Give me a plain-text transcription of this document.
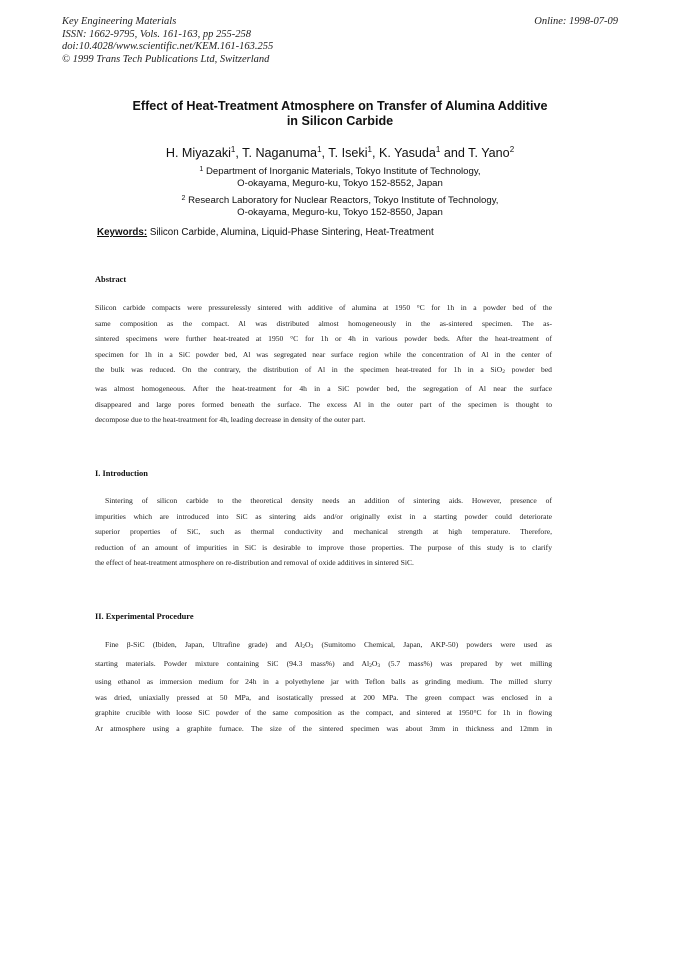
Key Engineering Materials
ISSN: 1662-9795, Vols. 161-163, pp 255-258
doi:10.4028/www.scientific.net/KEM.161-163.255
© 1999 Trans Tech Publications Ltd, Switzerland
Online: 1998-07-09
Effect of Heat-Treatment Atmosphere on Transfer of Alumina Additive
in Silicon Carbide
H. Miyazaki$^1$, T. Naganuma$^1$, T. Iseki$^1$, K. Yasuda$^1$ and T. Yano$^2$
$^1$ Department of Inorganic Materials, Tokyo Institute of Technology,
O-okayama, Meguro-ku, Tokyo 152-8552, Japan
$^2$ Research Laboratory for Nuclear Reactors, Tokyo Institute of Technology,
O-okayama, Meguro-ku, Tokyo 152-8550, Japan
Keywords: Silicon Carbide, Alumina, Liquid-Phase Sintering, Heat-Treatment
Abstract
Silicon carbide compacts were pressurelessly sintered with additive of alumina at 1950 °C for 1h in a powder bed of the
same composition as the compact. Al was distributed almost homogeneously in the as-sintered specimen. The as-
sintered specimens were further heat-treated at 1950 °C for 1h or 4h in various powder beds. After the heat-treatment of
specimen for 1h in a SiC powder bed, Al was segregated near surface region while the concentration of Al in the center of
the bulk was reduced. On the contrary, the distribution of Al in the specimen heat-treated for 1h in a SiO$_2$ powder bed
was almost homogeneous. After the heat-treatment for 4h in a SiC powder bed, the segregation of Al near the surface
disappeared and large pores formed beneath the surface. The excess Al in the outer part of the specimen is thought to
decompose due to the heat-treatment for 4h, leading decrease in density of the outer part.
I. Introduction
Sintering of silicon carbide to the theoretical density needs an addition of sintering aids. However, presence of
impurities which are introduced into SiC as sintering aids and/or originally exist in a starting powder could deteriorate
superior properties of SiC, such as thermal conductivity and mechanical strength at high temperature. Therefore,
reduction of an amount of impurities in SiC is desirable to improve those properties. The purpose of this study is to clarify
the effect of heat-treatment atmosphere on re-distribution and removal of oxide additives in sintered SiC.
II. Experimental Procedure
Fine β-SiC (Ibiden, Japan, Ultrafine grade) and $Al_2O_3$ (Sumitomo Chemical, Japan, AKP-50) powders were used as
starting materials. Powder mixture containing SiC (94.3 mass%) and $Al_2O_3$ (5.7 mass%) was prepared by wet milling
using ethanol as immersion medium for 24h in a polyethylene jar with Teflon balls as grinding medium. The milled slurry
was dried, uniaxially pressed at 50 MPa, and isostatically pressed at 200 MPa. The green compact was enclosed in a
graphite crucible with loose SiC powder of the same composition as the compact, and sintered at 1950°C for 1h in flowing
Ar atmosphere using a graphite furnace. The size of the sintered specimen was about 3mm in thickness and 12mm in
